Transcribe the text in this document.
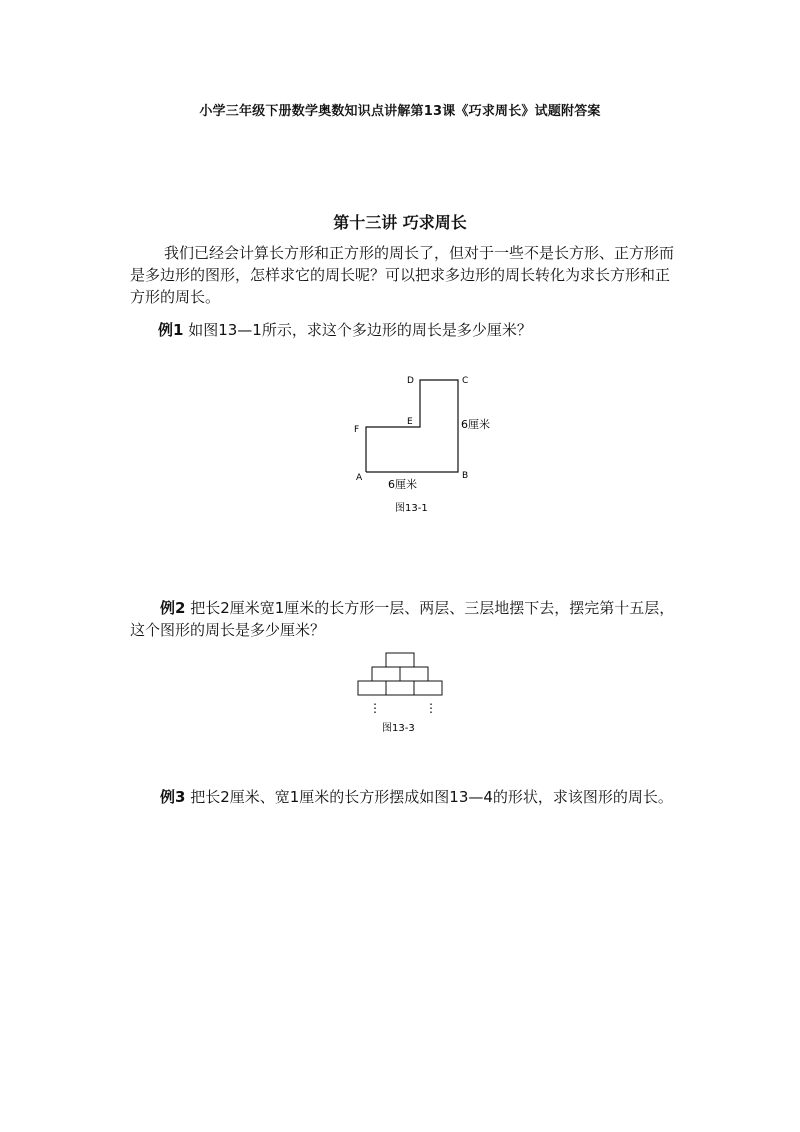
小学三年级下册数学奥数知识点讲解第13课《巧求周长》试题附答案
第十三讲 巧求周长
我们已经会计算长方形和正方形的周长了，但对于一些不是长方形、正方形而是多边形的图形，怎样求它的周长呢？可以把求多边形的周长转化为求长方形和正方形的周长。
例1 如图13—1所示，求这个多边形的周长是多少厘米？
D	C
E
F
A	B
6厘米
6厘米
图13-1
例2 把长2厘米宽1厘米的长方形一层、两层、三层地摆下去，摆完第十五层，这个图形的周长是多少厘米？
⋮	⋮
图13-3
例3 把长2厘米、宽1厘米的长方形摆成如图13—4的形状，求该图形的周长。
